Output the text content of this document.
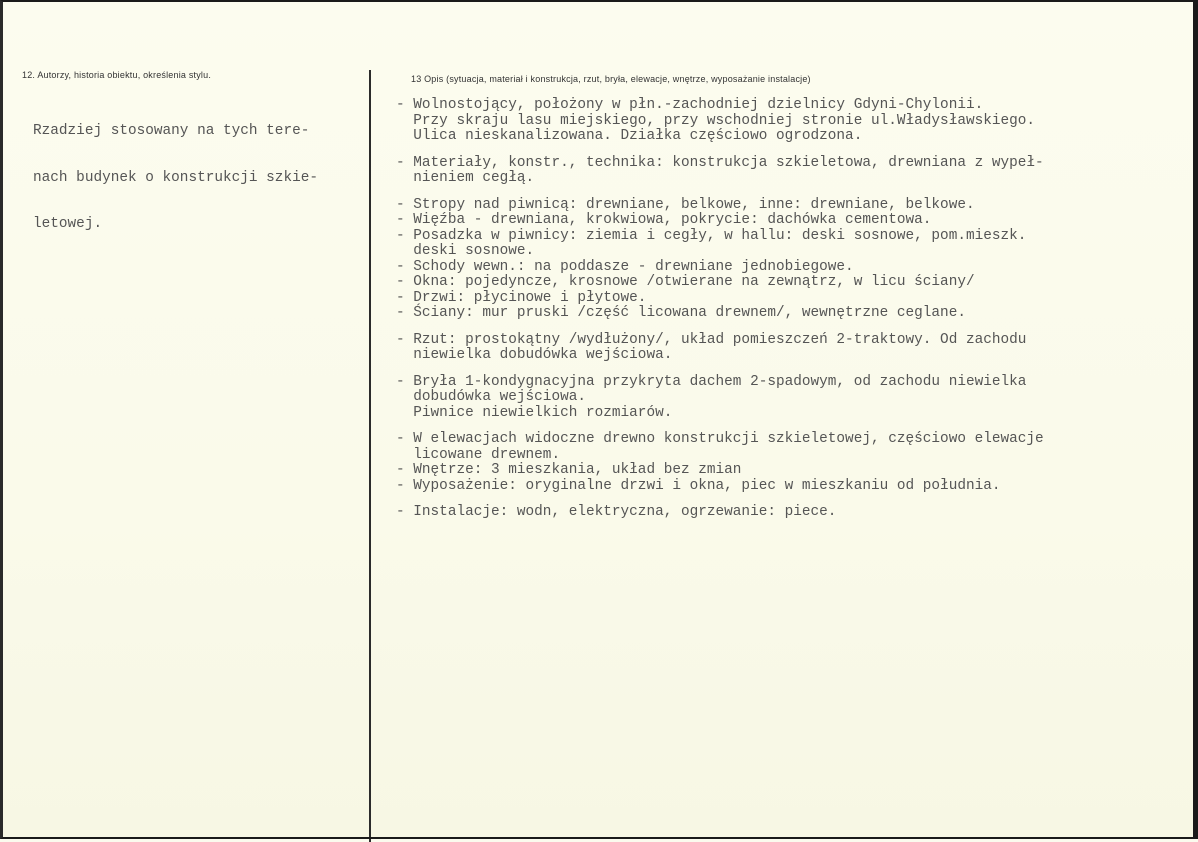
12. Autorzy, historia obiektu, określenia stylu.	13 Opis (sytuacja, materiał i konstrukcja, rzut, bryła, elewacje, wnętrze, wyposażanie instalacje)

Rzadziej stosowany na tych tere-

nach budynek o konstrukcji szkie-

letowej.

- Wolnostojący, położony w płn.-zachodniej dzielnicy Gdyni-Chylonii.
Przy skraju lasu miejskiego, przy wschodniej stronie ul.Władysławskiego.
Ulica nieskanalizowana. Działka częściowo ogrodzona.
- Materiały, konstr., technika: konstrukcja szkieletowa, drewniana z wypeł-
nieniem cegłą.
- Stropy nad piwnicą: drewniane, belkowe, inne: drewniane, belkowe.
- Więźba - drewniana, krokwiowa, pokrycie: dachówka cementowa.
- Posadzka w piwnicy: ziemia i cegły, w hallu: deski sosnowe, pom.mieszk.
deski sosnowe.
- Schody wewn.: na poddasze - drewniane jednobiegowe.
- Okna: pojedyncze, krosnowe /otwierane na zewnątrz, w licu ściany/
- Drzwi: płycinowe i płytowe.
- Ściany: mur pruski /część licowana drewnem/, wewnętrzne ceglane.
- Rzut: prostokątny /wydłużony/, układ pomieszczeń 2-traktowy. Od zachodu
niewielka dobudówka wejściowa.
- Bryła 1-kondygnacyjna przykryta dachem 2-spadowym, od zachodu niewielka
dobudówka wejściowa.
Piwnice niewielkich rozmiarów.
- W elewacjach widoczne drewno konstrukcji szkieletowej, częściowo elewacje
licowane drewnem.
- Wnętrze: 3 mieszkania, układ bez zmian
- Wyposażenie: oryginalne drzwi i okna, piec w mieszkaniu od południa.
- Instalacje: wodn, elektryczna, ogrzewanie: piece.
